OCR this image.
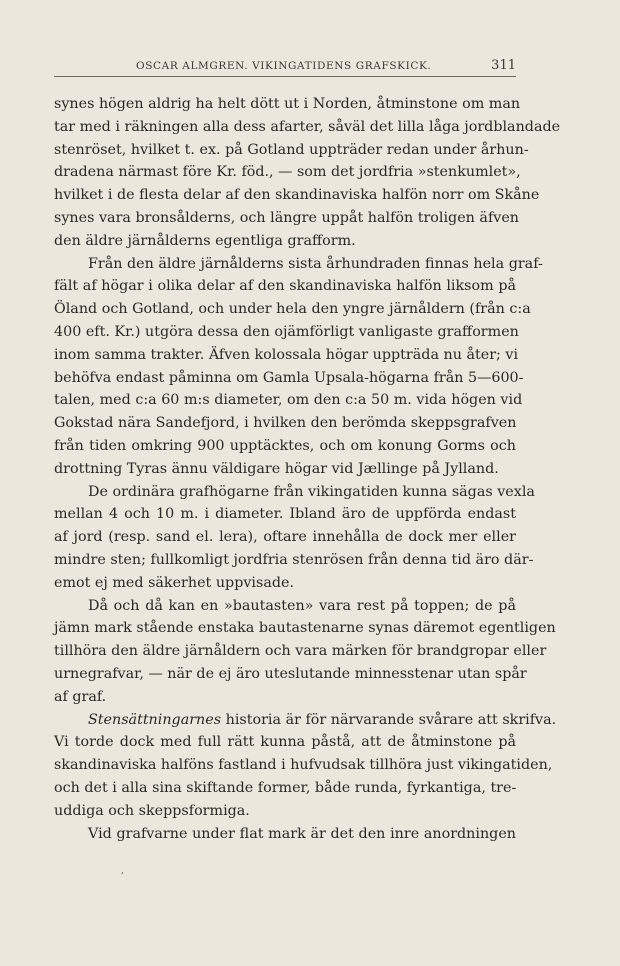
OSCAR ALMGREN. VIKINGATIDENS GRAFSKICK.	311
synes högen aldrig ha helt dött ut i Norden, åtminstone om man
tar med i räkningen alla dess afarter, såväl det lilla låga jordblandade
stenröset, hvilket t. ex. på Gotland uppträder redan under århun-
dradena närmast före Kr. föd., — som det jordfria »stenkumlet»,
hvilket i de flesta delar af den skandinaviska halfön norr om Skåne
synes vara bronsålderns, och längre uppåt halfön troligen äfven
den äldre järnålderns egentliga grafform.
Från den äldre järnålderns sista århundraden finnas hela graf-
fält af högar i olika delar af den skandinaviska halfön liksom på
Öland och Gotland, och under hela den yngre järnåldern (från c:a
400 eft. Kr.) utgöra dessa den ojämförligt vanligaste grafformen
inom samma trakter. Äfven kolossala högar uppträda nu åter; vi
behöfva endast påminna om Gamla Upsala-högarna från 5—600-
talen, med c:a 60 m:s diameter, om den c:a 50 m. vida högen vid
Gokstad nära Sandefjord, i hvilken den berömda skeppsgrafven
från tiden omkring 900 upptäcktes, och om konung Gorms och
drottning Tyras ännu väldigare högar vid Jællinge på Jylland.
De ordinära grafhögarne från vikingatiden kunna sägas vexla
mellan 4 och 10 m. i diameter. Ibland äro de uppförda endast
af jord (resp. sand el. lera), oftare innehålla de dock mer eller
mindre sten; fullkomligt jordfria stenrösen från denna tid äro där-
emot ej med säkerhet uppvisade.
Då och då kan en »bautasten» vara rest på toppen; de på
jämn mark stående enstaka bautastenarne synas däremot egentligen
tillhöra den äldre järnåldern och vara märken för brandgropar eller
urnegrafvar, — när de ej äro uteslutande minnesstenar utan spår
af graf.
Stensättningarnes historia är för närvarande svårare att skrifva.
Vi torde dock med full rätt kunna påstå, att de åtminstone på
skandinaviska halföns fastland i hufvudsak tillhöra just vikingatiden,
och det i alla sina skiftande former, både runda, fyrkantiga, tre-
uddiga och skeppsformiga.
Vid grafvarne under flat mark är det den inre anordningen
,
